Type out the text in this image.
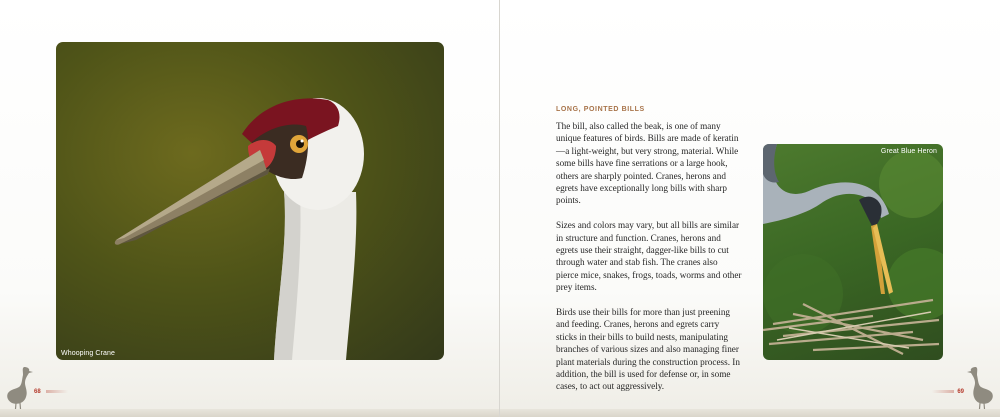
Whooping Crane
68
LONG, POINTED BILLS

The bill, also called the beak, is one of many unique features of birds. Bills are made of keratin—a light-weight, but very strong, material. While some bills have fine serrations or a large hook, others are sharply pointed. Cranes, herons and egrets have exceptionally long bills with sharp points.

Sizes and colors may vary, but all bills are similar in structure and function. Cranes, herons and egrets use their straight, dagger-like bills to cut through water and stab fish. The cranes also pierce mice, snakes, frogs, toads, worms and other prey items.

Birds use their bills for more than just preening and feeding. Cranes, herons and egrets carry sticks in their bills to build nests, manipulating branches of various sizes and also managing finer plant materials during the construction process. In addition, the bill is used for defense or, in some cases, to act out aggressively.

Great Blue Heron
69
